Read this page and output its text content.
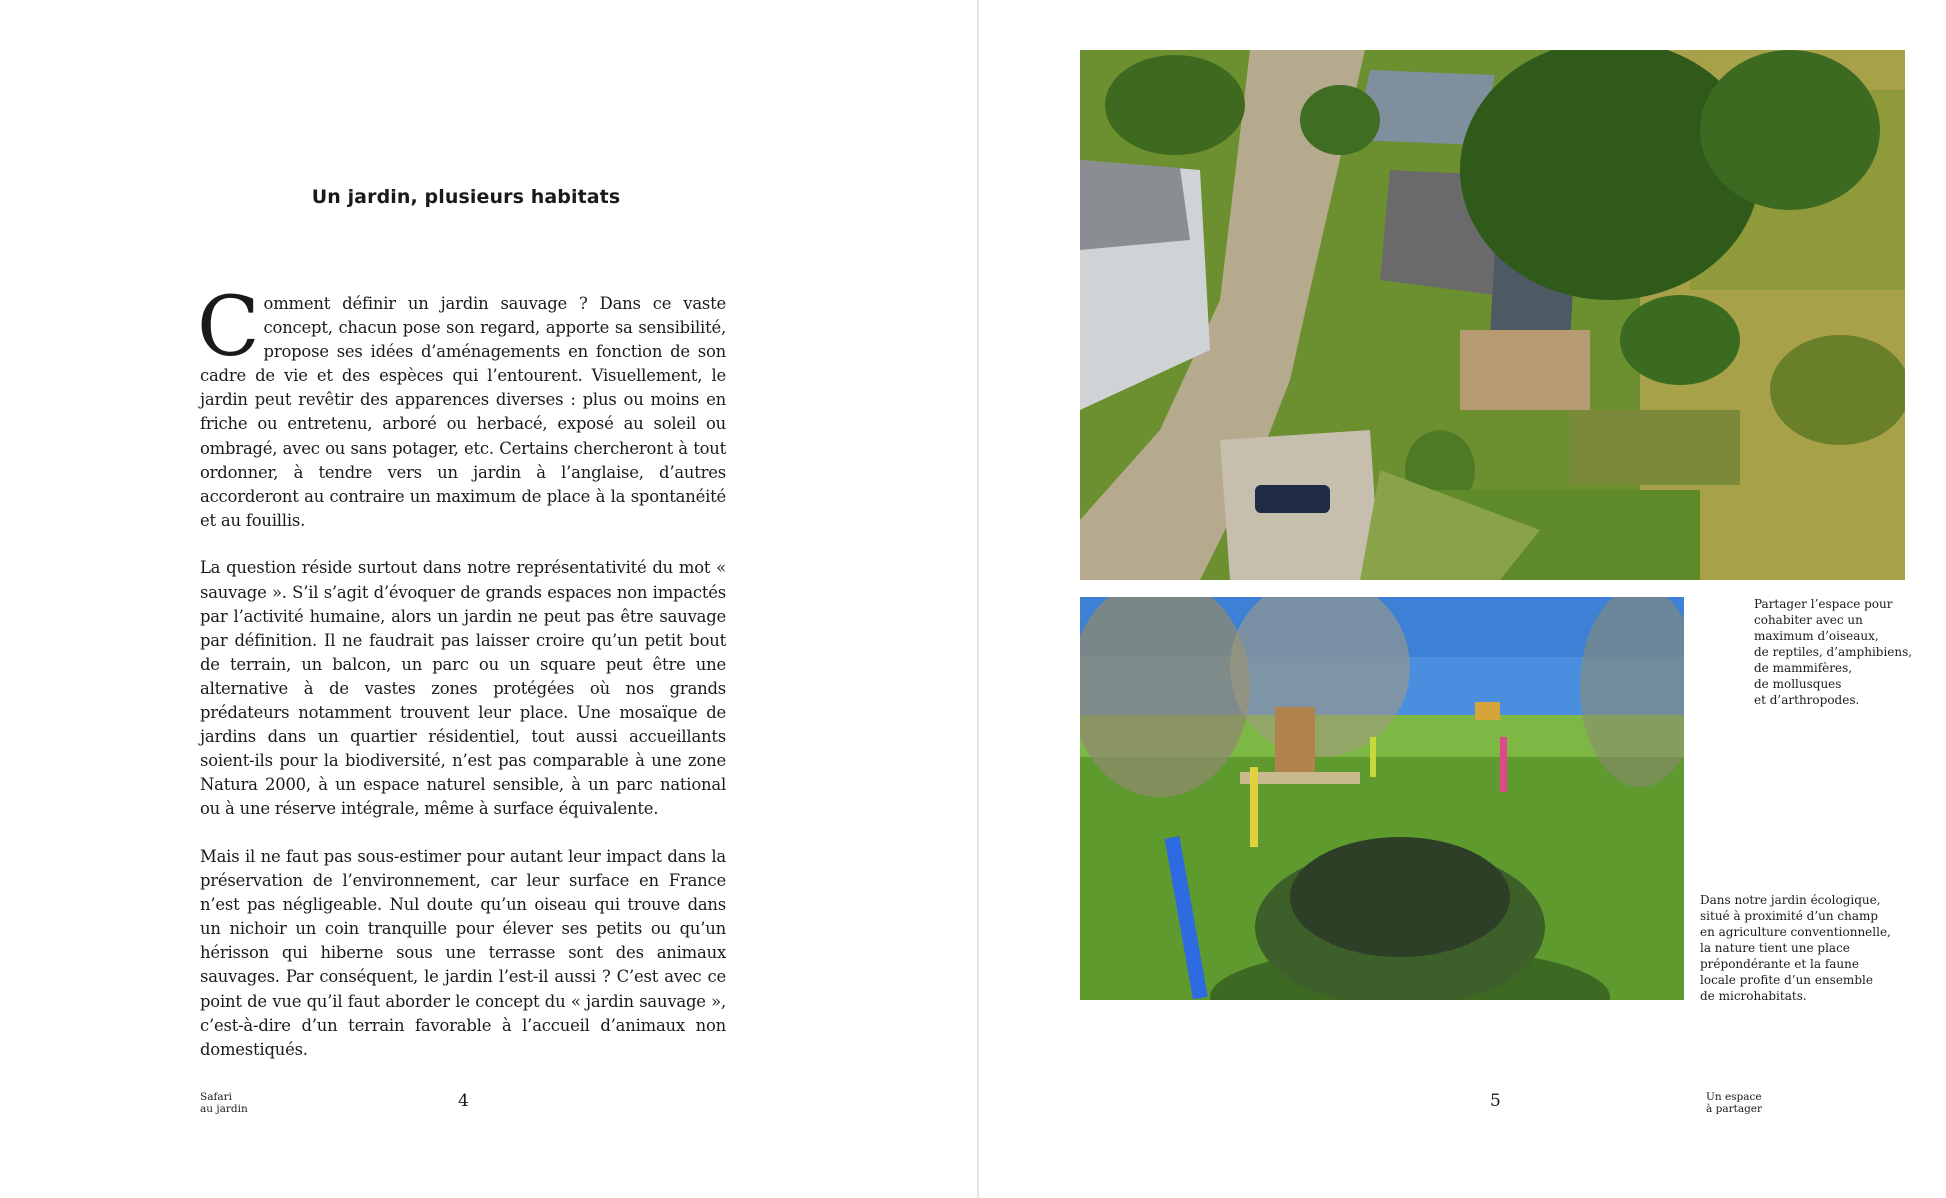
Un jardin, plusieurs habitats

Comment définir un jardin sauvage ? Dans ce vaste concept, chacun pose son regard, apporte sa sensibilité, propose ses idées d’aménagements en fonction de son cadre de vie et des espèces qui l’entourent. Visuellement, le jardin peut revêtir des apparences diverses : plus ou moins en friche ou entretenu, arboré ou herbacé, exposé au soleil ou ombragé, avec ou sans potager, etc. Certains chercheront à tout ordonner, à tendre vers un jardin à l’anglaise, d’autres accorderont au contraire un maximum de place à la spontanéité et au fouillis.

La question réside surtout dans notre représentativité du mot « sauvage ». S’il s’agit d’évoquer de grands espaces non impactés par l’activité humaine, alors un jardin ne peut pas être sauvage par définition. Il ne faudrait pas laisser croire qu’un petit bout de terrain, un balcon, un parc ou un square peut être une alternative à de vastes zones protégées où nos grands prédateurs notamment trouvent leur place. Une mosaïque de jardins dans un quartier résidentiel, tout aussi accueillants soient-ils pour la biodiversité, n’est pas comparable à une zone Natura 2000, à un espace naturel sensible, à un parc national ou à une réserve intégrale, même à surface équivalente.

Mais il ne faut pas sous-estimer pour autant leur impact dans la préservation de l’environnement, car leur surface en France n’est pas négligeable. Nul doute qu’un oiseau qui trouve dans un nichoir un coin tranquille pour élever ses petits ou qu’un hérisson qui hiberne sous une terrasse sont des animaux sauvages. Par conséquent, le jardin l’est-il aussi ? C’est avec ce point de vue qu’il faut aborder le concept du « jardin sauvage », c’est-à-dire d’un terrain favorable à l’accueil d’animaux non domestiqués.

Safari
au jardin	4
Partager l’espace pour
cohabiter avec un
maximum d’oiseaux,
de reptiles, d’amphibiens,
de mammifères,
de mollusques
et d’arthropodes.
Dans notre jardin écologique,
situé à proximité d’un champ
en agriculture conventionnelle,
la nature tient une place
prépondérante et la faune
locale profite d’un ensemble
de microhabitats.
5	Un espace
à partager
